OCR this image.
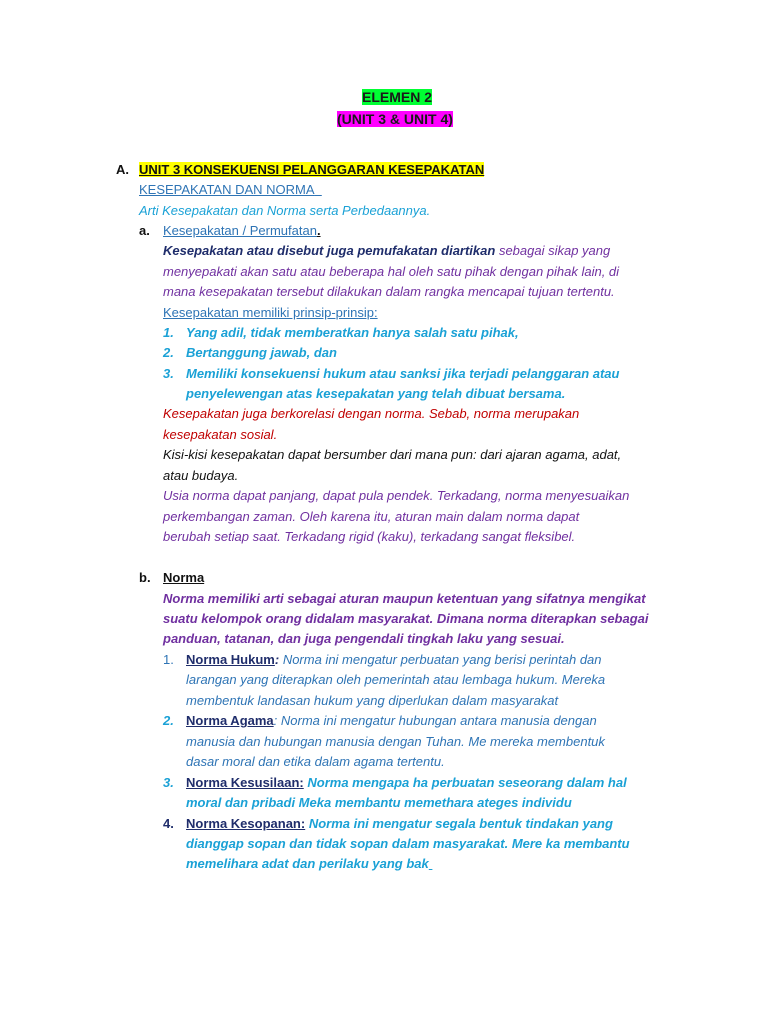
ELEMEN 2
(UNIT 3 & UNIT 4)
A. UNIT 3 KONSEKUENSI PELANGGARAN KESEPAKATAN
KESEPAKATAN DAN NORMA
Arti Kesepakatan dan Norma serta Perbedaannya.
a. Kesepakatan / Permufatan.
Kesepakatan atau disebut juga pemufakatan diartikan sebagai sikap yang
menyepakati akan satu atau beberapa hal oleh satu pihak dengan pihak lain, di
mana kesepakatan tersebut dilakukan dalam rangka mencapai tujuan tertentu.
Kesepakatan memiliki prinsip-prinsip:
1. Yang adil, tidak memberatkan hanya salah satu pihak,
2. Bertanggung jawab, dan
3. Memiliki konsekuensi hukum atau sanksi jika terjadi pelanggaran atau
penyelewengan atas kesepakatan yang telah dibuat bersama.
Kesepakatan juga berkorelasi dengan norma. Sebab, norma merupakan
kesepakatan sosial.
Kisi-kisi kesepakatan dapat bersumber dari mana pun: dari ajaran agama, adat,
atau budaya.
Usia norma dapat panjang, dapat pula pendek. Terkadang, norma menyesuaikan
perkembangan zaman. Oleh karena itu, aturan main dalam norma dapat
berubah setiap saat. Terkadang rigid (kaku), terkadang sangat fleksibel.
b. Norma
Norma memiliki arti sebagai aturan maupun ketentuan yang sifatnya mengikat
suatu kelompok orang didalam masyarakat. Dimana norma diterapkan sebagai
panduan, tatanan, dan juga pengendali tingkah laku yang sesuai.
1. Norma Hukum: Norma ini mengatur perbuatan yang berisi perintah dan
larangan yang diterapkan oleh pemerintah atau lembaga hukum. Mereka
membentuk landasan hukum yang diperlukan dalam masyarakat
2. Norma Agama: Norma ini mengatur hubungan antara manusia dengan
manusia dan hubungan manusia dengan Tuhan. Me mereka membentuk
dasar moral dan etika dalam agama tertentu.
3. Norma Kesusilaan: Norma mengapa ha perbuatan seseorang dalam hal
moral dan pribadi Meka membantu memethara ateges individu
4. Norma Kesopanan: Norma ini mengatur segala bentuk tindakan yang
dianggap sopan dan tidak sopan dalam masyarakat. Mere ka membantu
memelihara adat dan perilaku yang bak
